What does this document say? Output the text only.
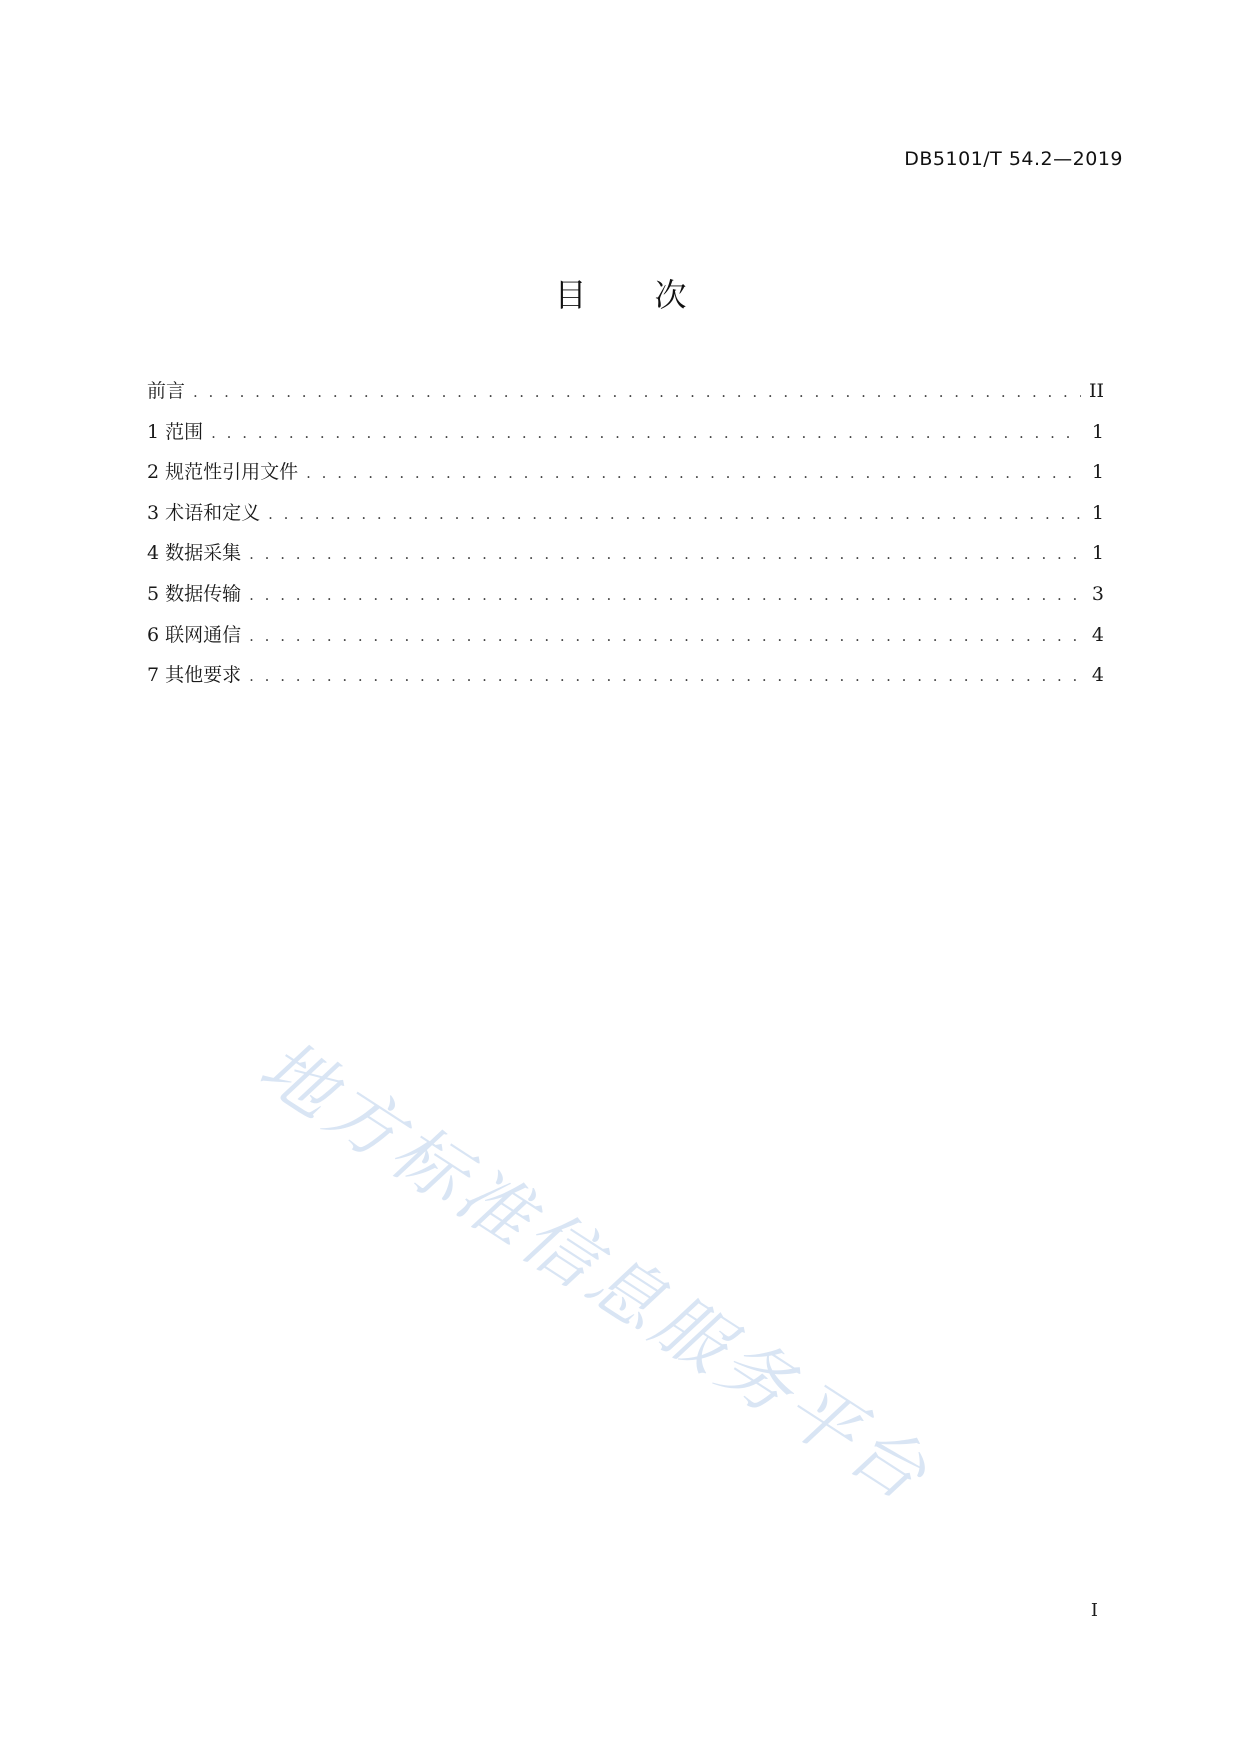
DB5101/T 54.2—2019
目次
前言 . . .	II
1 范围 . . .	1
2 规范性引用文件 . . .	1
3 术语和定义 . . .	1
4 数据采集 . . .	1
5 数据传输 . . .	3
6 联网通信 . . .	4
7 其他要求 . . .	4
地方标准信息服务平台
I
